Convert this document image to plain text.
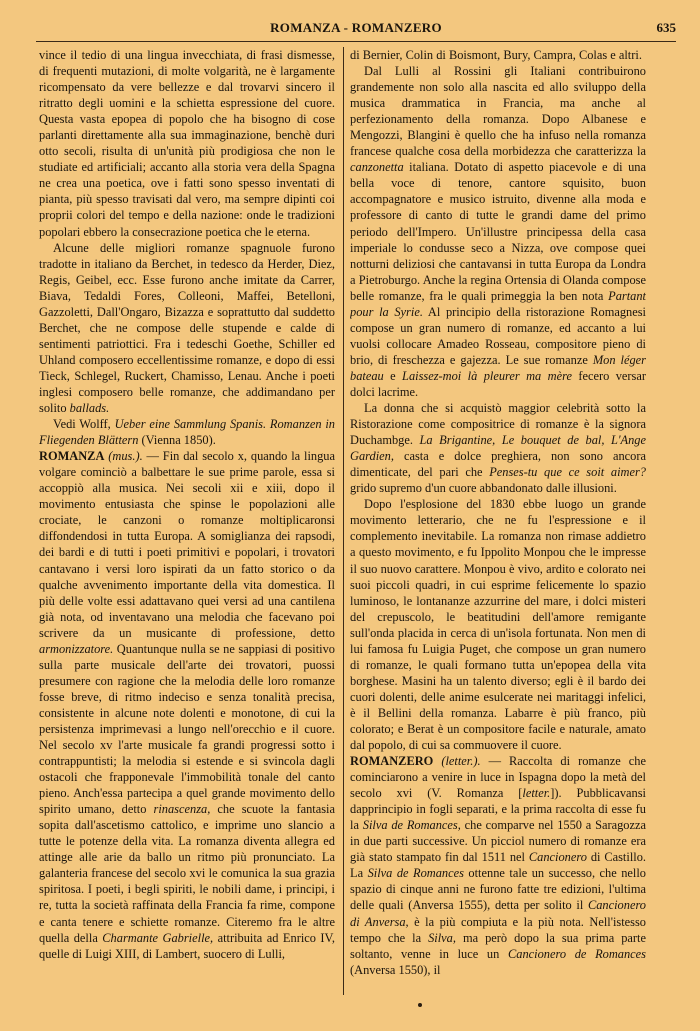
ROMANZA - ROMANZERO	635

vince il tedio di una lingua invecchiata, di frasi dismesse, di frequenti mutazioni, di molte volgarità, ne è largamente ricompensato da vere bellezze e dal trovarvi sincero il ritratto degli uomini e la schietta espressione del cuore. Questa vasta epopea di popolo che ha bisogno di cose parlanti direttamente alla sua immaginazione, benchè duri otto secoli, risulta di un'unità più prodigiosa che non le studiate ed artificiali; accanto alla storia vera della Spagna ne crea una poetica, ove i fatti sono spesso inventati di pianta, più spesso travisati dal vero, ma sempre dipinti coi proprii colori del tempo e della nazione: onde le tradizioni popolari ebbero la consecrazione poetica che le eterna.

Alcune delle migliori romanze spagnuole furono tradotte in italiano da Berchet, in tedesco da Herder, Diez, Regis, Geibel, ecc. Esse furono anche imitate da Carrer, Biava, Tedaldi Fores, Colleoni, Maffei, Betelloni, Gazzoletti, Dall'Ongaro, Bizazza e soprattutto dal suddetto Berchet, che ne compose delle stupende e calde di sentimenti patriottici. Fra i tedeschi Goethe, Schiller ed Uhland composero eccellentissime romanze, e dopo di essi Tieck, Schlegel, Ruckert, Chamisso, Lenau. Anche i poeti inglesi composero belle romanze, che addimandano per solito ballads.

Vedi Wolff, Ueber eine Sammlung Spanis. Romanzen in Fliegenden Blättern (Vienna 1850).

ROMANZA (mus.). — Fin dal secolo x, quando la lingua volgare cominciò a balbettare le sue prime parole, essa si accoppiò alla musica. Nei secoli xii e xiii, dopo il movimento entusiasta che spinse le popolazioni alle crociate, le canzoni o romanze moltiplicaronsi diffondendosi in tutta Europa. A somiglianza dei rapsodi, dei bardi e di tutti i poeti primitivi e popolari, i trovatori cantavano i versi loro ispirati da un fatto storico o da qualche avvenimento importante della vita domestica. Il più delle volte essi adattavano quei versi ad una cantilena già nota, od inventavano una melodia che facevano poi scrivere da un musicante di professione, detto armonizzatore. Quantunque nulla se ne sappiasi di positivo sulla parte musicale dell'arte dei trovatori, puossi presumere con ragione che la melodia delle loro romanze fosse breve, di ritmo indeciso e senza tonalità precisa, consistente in alcune note dolenti e monotone, di cui la persistenza imprimevasi a lungo nell'orecchio e il cuore. Nel secolo xv l'arte musicale fa grandi progressi sotto i contrappuntisti; la melodia si estende e si svincola dagli ostacoli che frapponevale l'immobilità tonale del canto pieno. Anch'essa partecipa a quel grande movimento dello spirito umano, detto rinascenza, che scuote la fantasia sopita dall'ascetismo cattolico, e imprime uno slancio a tutte le potenze della vita. La romanza diventa allegra ed attinge alle arie da ballo un ritmo più pronunciato. La galanteria francese del secolo xvi le comunica la sua grazia spiritosa. I poeti, i begli spiriti, le nobili dame, i principi, i re, tutta la società raffinata della Francia fa rime, compone e canta tenere e schiette romanze. Citeremo fra le altre quella della Charmante Gabrielle, attribuita ad Enrico IV, quelle di Luigi XIII, di Lambert, suocero di Lulli,

di Bernier, Colin di Boismont, Bury, Campra, Colas e altri.

Dal Lulli al Rossini gli Italiani contribuirono grandemente non solo alla nascita ed allo sviluppo della musica drammatica in Francia, ma anche al perfezionamento della romanza. Dopo Albanese e Mengozzi, Blangini è quello che ha infuso nella romanza francese qualche cosa della morbidezza che caratterizza la canzonetta italiana. Dotato di aspetto piacevole e di una bella voce di tenore, cantore squisito, buon accompagnatore e musico istruito, divenne alla moda e professore di canto di tutte le grandi dame del primo periodo dell'Impero. Un'illustre principessa della casa imperiale lo condusse seco a Nizza, ove compose quei notturni deliziosi che cantavansi in tutta Europa da Londra a Pietroburgo. Anche la regina Ortensia di Olanda compose belle romanze, fra le quali primeggia la ben nota Partant pour la Syrie. Al principio della ristorazione Romagnesi compose un gran numero di romanze, ed accanto a lui vuolsi collocare Amadeo Rosseau, compositore pieno di brio, di freschezza e gajezza. Le sue romanze Mon léger bateau e Laissez-moi là pleurer ma mère fecero versar dolci lacrime.

La donna che si acquistò maggior celebrità sotto la Ristorazione come compositrice di romanze è la signora Duchambge. La Brigantine, Le bouquet de bal, L'Ange Gardien, casta e dolce preghiera, non sono ancora dimenticate, del pari che Penses-tu que ce soit aimer? grido supremo d'un cuore abbandonato dalle illusioni.

Dopo l'esplosione del 1830 ebbe luogo un grande movimento letterario, che ne fu l'espressione e il complemento inevitabile. La romanza non rimase addietro a questo movimento, e fu Ippolito Monpou che le impresse il suo nuovo carattere. Monpou è vivo, ardito e colorato nei suoi piccoli quadri, in cui esprime felicemente lo spazio luminoso, le lontananze azzurrine del mare, i dolci misteri del crepuscolo, le beatitudini dell'amore remigante sull'onda placida in cerca di un'isola fortunata. Non men di lui famosa fu Luigia Puget, che compose un gran numero di romanze, le quali formano tutta un'epopea della vita borghese. Masini ha un talento diverso; egli è il bardo dei cuori dolenti, delle anime esulcerate nei maritaggi infelici, è il Bellini della romanza. Labarre è più franco, più colorato; e Berat è un compositore facile e naturale, amato dal popolo, di cui sa commuovere il cuore.

ROMANZERO (letter.). — Raccolta di romanze che cominciarono a venire in luce in Ispagna dopo la metà del secolo xvi (V. Romanza [letter.]). Pubblicavansi dapprincipio in fogli separati, e la prima raccolta di esse fu la Silva de Romances, che comparve nel 1550 a Saragozza in due parti successive. Un picciol numero di romanze era già stato stampato fin dal 1511 nel Cancionero di Castillo. La Silva de Romances ottenne tale un successo, che nello spazio di cinque anni ne furono fatte tre edizioni, l'ultima delle quali (Anversa 1555), detta per solito il Cancionero di Anversa, è la più compiuta e la più nota. Nell'istesso tempo che la Silva, ma però dopo la sua prima parte soltanto, venne in luce un Cancionero de Romances (Anversa 1550), il
